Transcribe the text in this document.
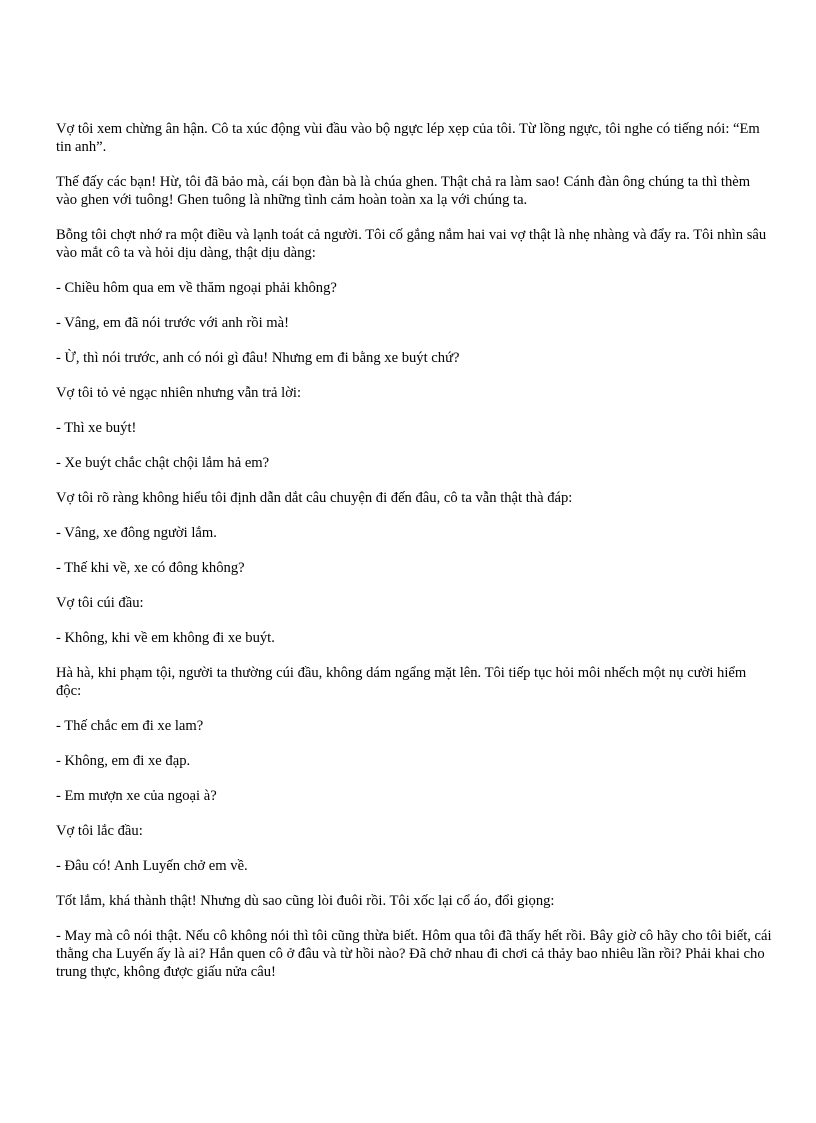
Vợ tôi xem chừng ân hận. Cô ta xúc động vùi đầu vào bộ ngực lép xẹp của tôi. Từ lồng ngực, tôi nghe có tiếng nói: “Em tin anh”.

Thế đấy các bạn! Hừ, tôi đã bảo mà, cái bọn đàn bà là chúa ghen. Thật chả ra làm sao! Cánh đàn ông chúng ta thì thèm vào ghen với tuông! Ghen tuông là những tình cảm hoàn toàn xa lạ với chúng ta.

Bỗng tôi chợt nhớ ra một điều và lạnh toát cả người. Tôi cố gắng nắm hai vai vợ thật là nhẹ nhàng và đẩy ra. Tôi nhìn sâu vào mắt cô ta và hỏi dịu dàng, thật dịu dàng:

- Chiều hôm qua em về thăm ngoại phải không?

- Vâng, em đã nói trước với anh rồi mà!

- Ừ, thì nói trước, anh có nói gì đâu! Nhưng em đi bằng xe buýt chứ?

Vợ tôi tỏ vẻ ngạc nhiên nhưng vẫn trả lời:

- Thì xe buýt!

- Xe buýt chắc chật chội lắm hả em?

Vợ tôi rõ ràng không hiểu tôi định dẫn dắt câu chuyện đi đến đâu, cô ta vẫn thật thà đáp:

- Vâng, xe đông người lắm.

- Thế khi về, xe có đông không?

Vợ tôi cúi đầu:

- Không, khi về em không đi xe buýt.

Hà hà, khi phạm tội, người ta thường cúi đầu, không dám ngẩng mặt lên. Tôi tiếp tục hỏi môi nhếch một nụ cười hiểm độc:

- Thế chắc em đi xe lam?

- Không, em đi xe đạp.

- Em mượn xe của ngoại à?

Vợ tôi lắc đầu:

- Đâu có! Anh Luyến chở em về.

Tốt lắm, khá thành thật! Nhưng dù sao cũng lòi đuôi rồi. Tôi xốc lại cổ áo, đổi giọng:

- May mà cô nói thật. Nếu cô không nói thì tôi cũng thừa biết. Hôm qua tôi đã thấy hết rồi. Bây giờ cô hãy cho tôi biết, cái thằng cha Luyến ấy là ai? Hắn quen cô ở đâu và từ hồi nào? Đã chở nhau đi chơi cả thảy bao nhiêu lần rồi? Phải khai cho trung thực, không được giấu nửa câu!
